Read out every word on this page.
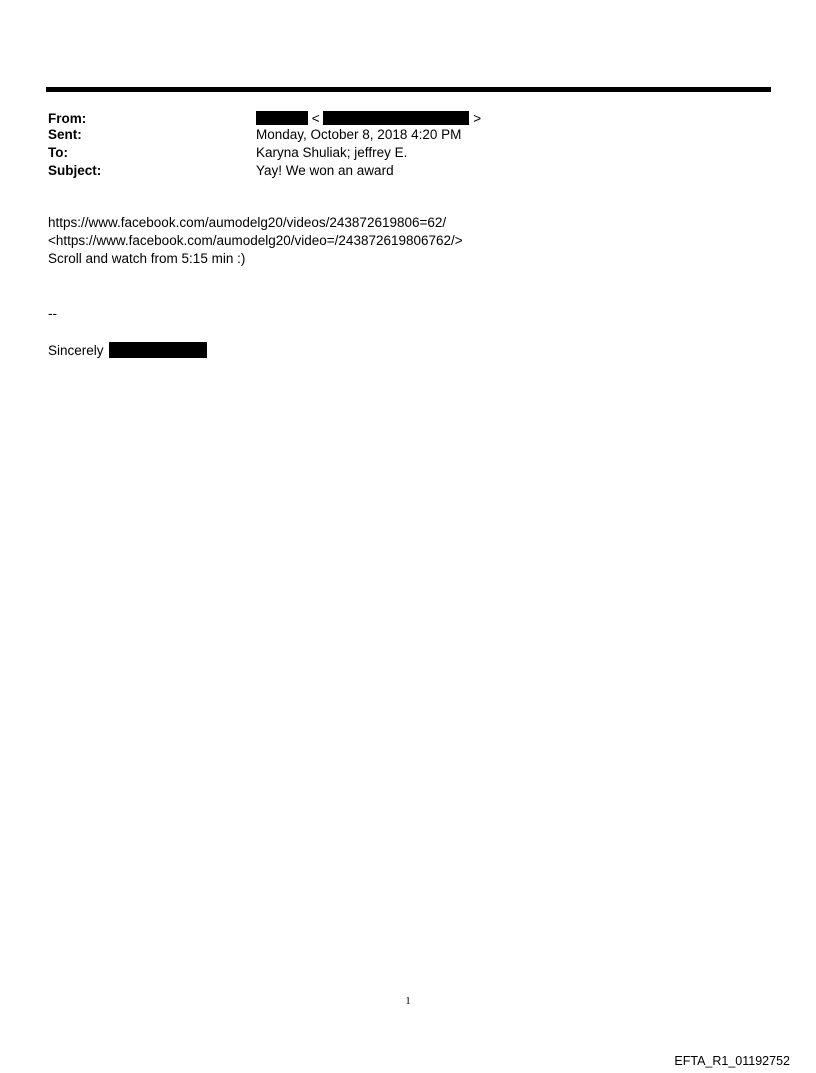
From:	<	>
Sent:	Monday, October 8, 2018 4:20 PM
To:	Karyna Shuliak; jeffrey E.
Subject:	Yay! We won an award
https://www.facebook.com/aumodelg20/videos/243872619806=62/
<https://www.facebook.com/aumodelg20/video=/243872619806762/>
Scroll and watch from 5:15 min :)
--
Sincerely
1
EFTA_R1_01192752
